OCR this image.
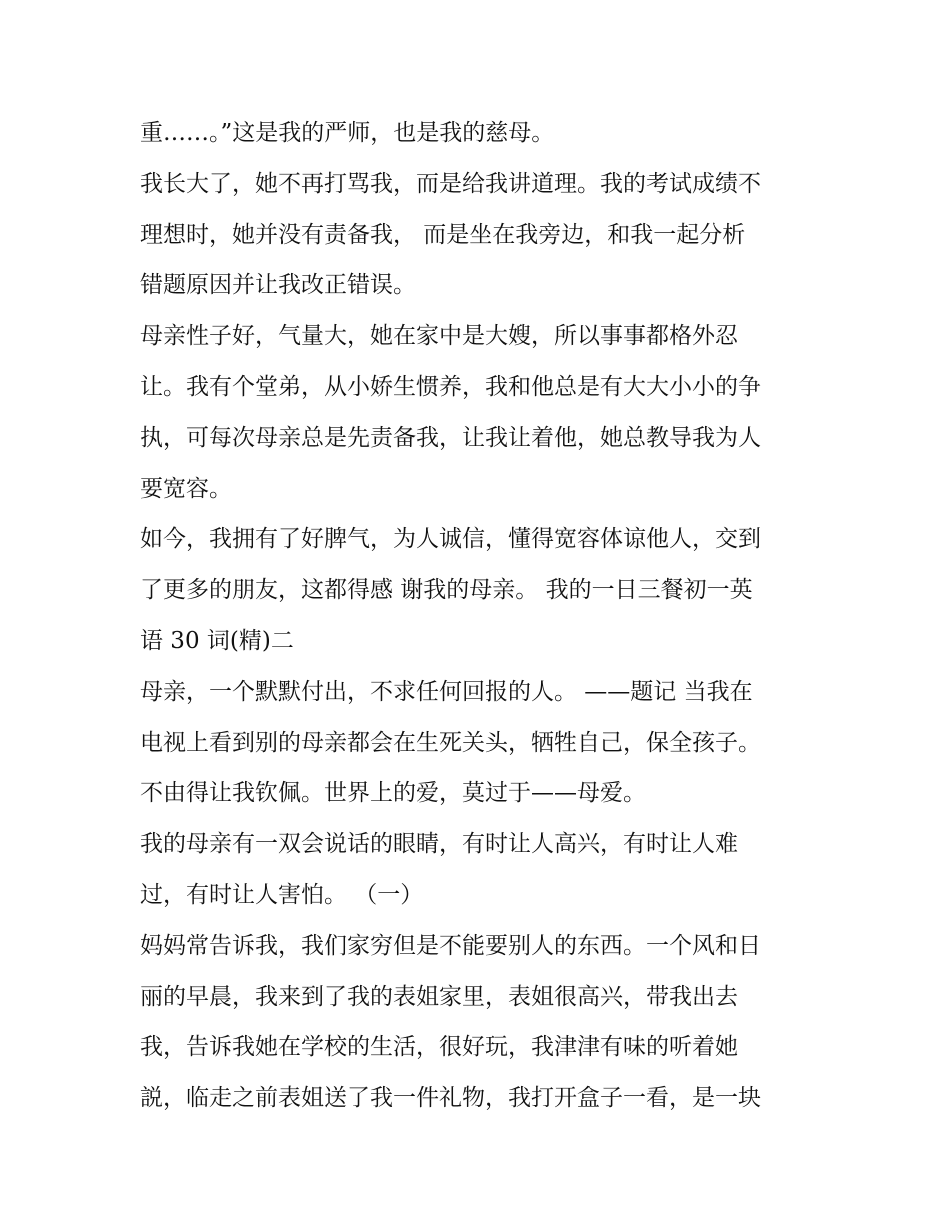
重……。”这是我的严师，也是我的慈母。
我长大了，她不再打骂我，而是给我讲道理。我的考试成绩不
理想时，她并没有责备我， 而是坐在我旁边，和我一起分析
错题原因并让我改正错误。
母亲性子好，气量大，她在家中是大嫂，所以事事都格外忍
让。我有个堂弟，从小娇生惯养，我和他总是有大大小小的争
执，可每次母亲总是先责备我，让我让着他，她总教导我为人
要宽容。
如今，我拥有了好脾气，为人诚信，懂得宽容体谅他人，交到
了更多的朋友，这都得感 谢我的母亲。 我的一日三餐初一英
语 30 词(精)二
母亲，一个默默付出，不求任何回报的人。 ——题记 当我在
电视上看到别的母亲都会在生死关头，牺牲自己，保全孩子。
不由得让我钦佩。世界上的爱，莫过于——母爱。
我的母亲有一双会说话的眼睛，有时让人高兴，有时让人难
过，有时让人害怕。 （一）
妈妈常告诉我，我们家穷但是不能要别人的东西。一个风和日
丽的早晨，我来到了我的表姐家里，表姐很高兴，带我出去
我，告诉我她在学校的生活，很好玩，我津津有味的听着她
説，临走之前表姐送了我一件礼物，我打开盒子一看，是一块
